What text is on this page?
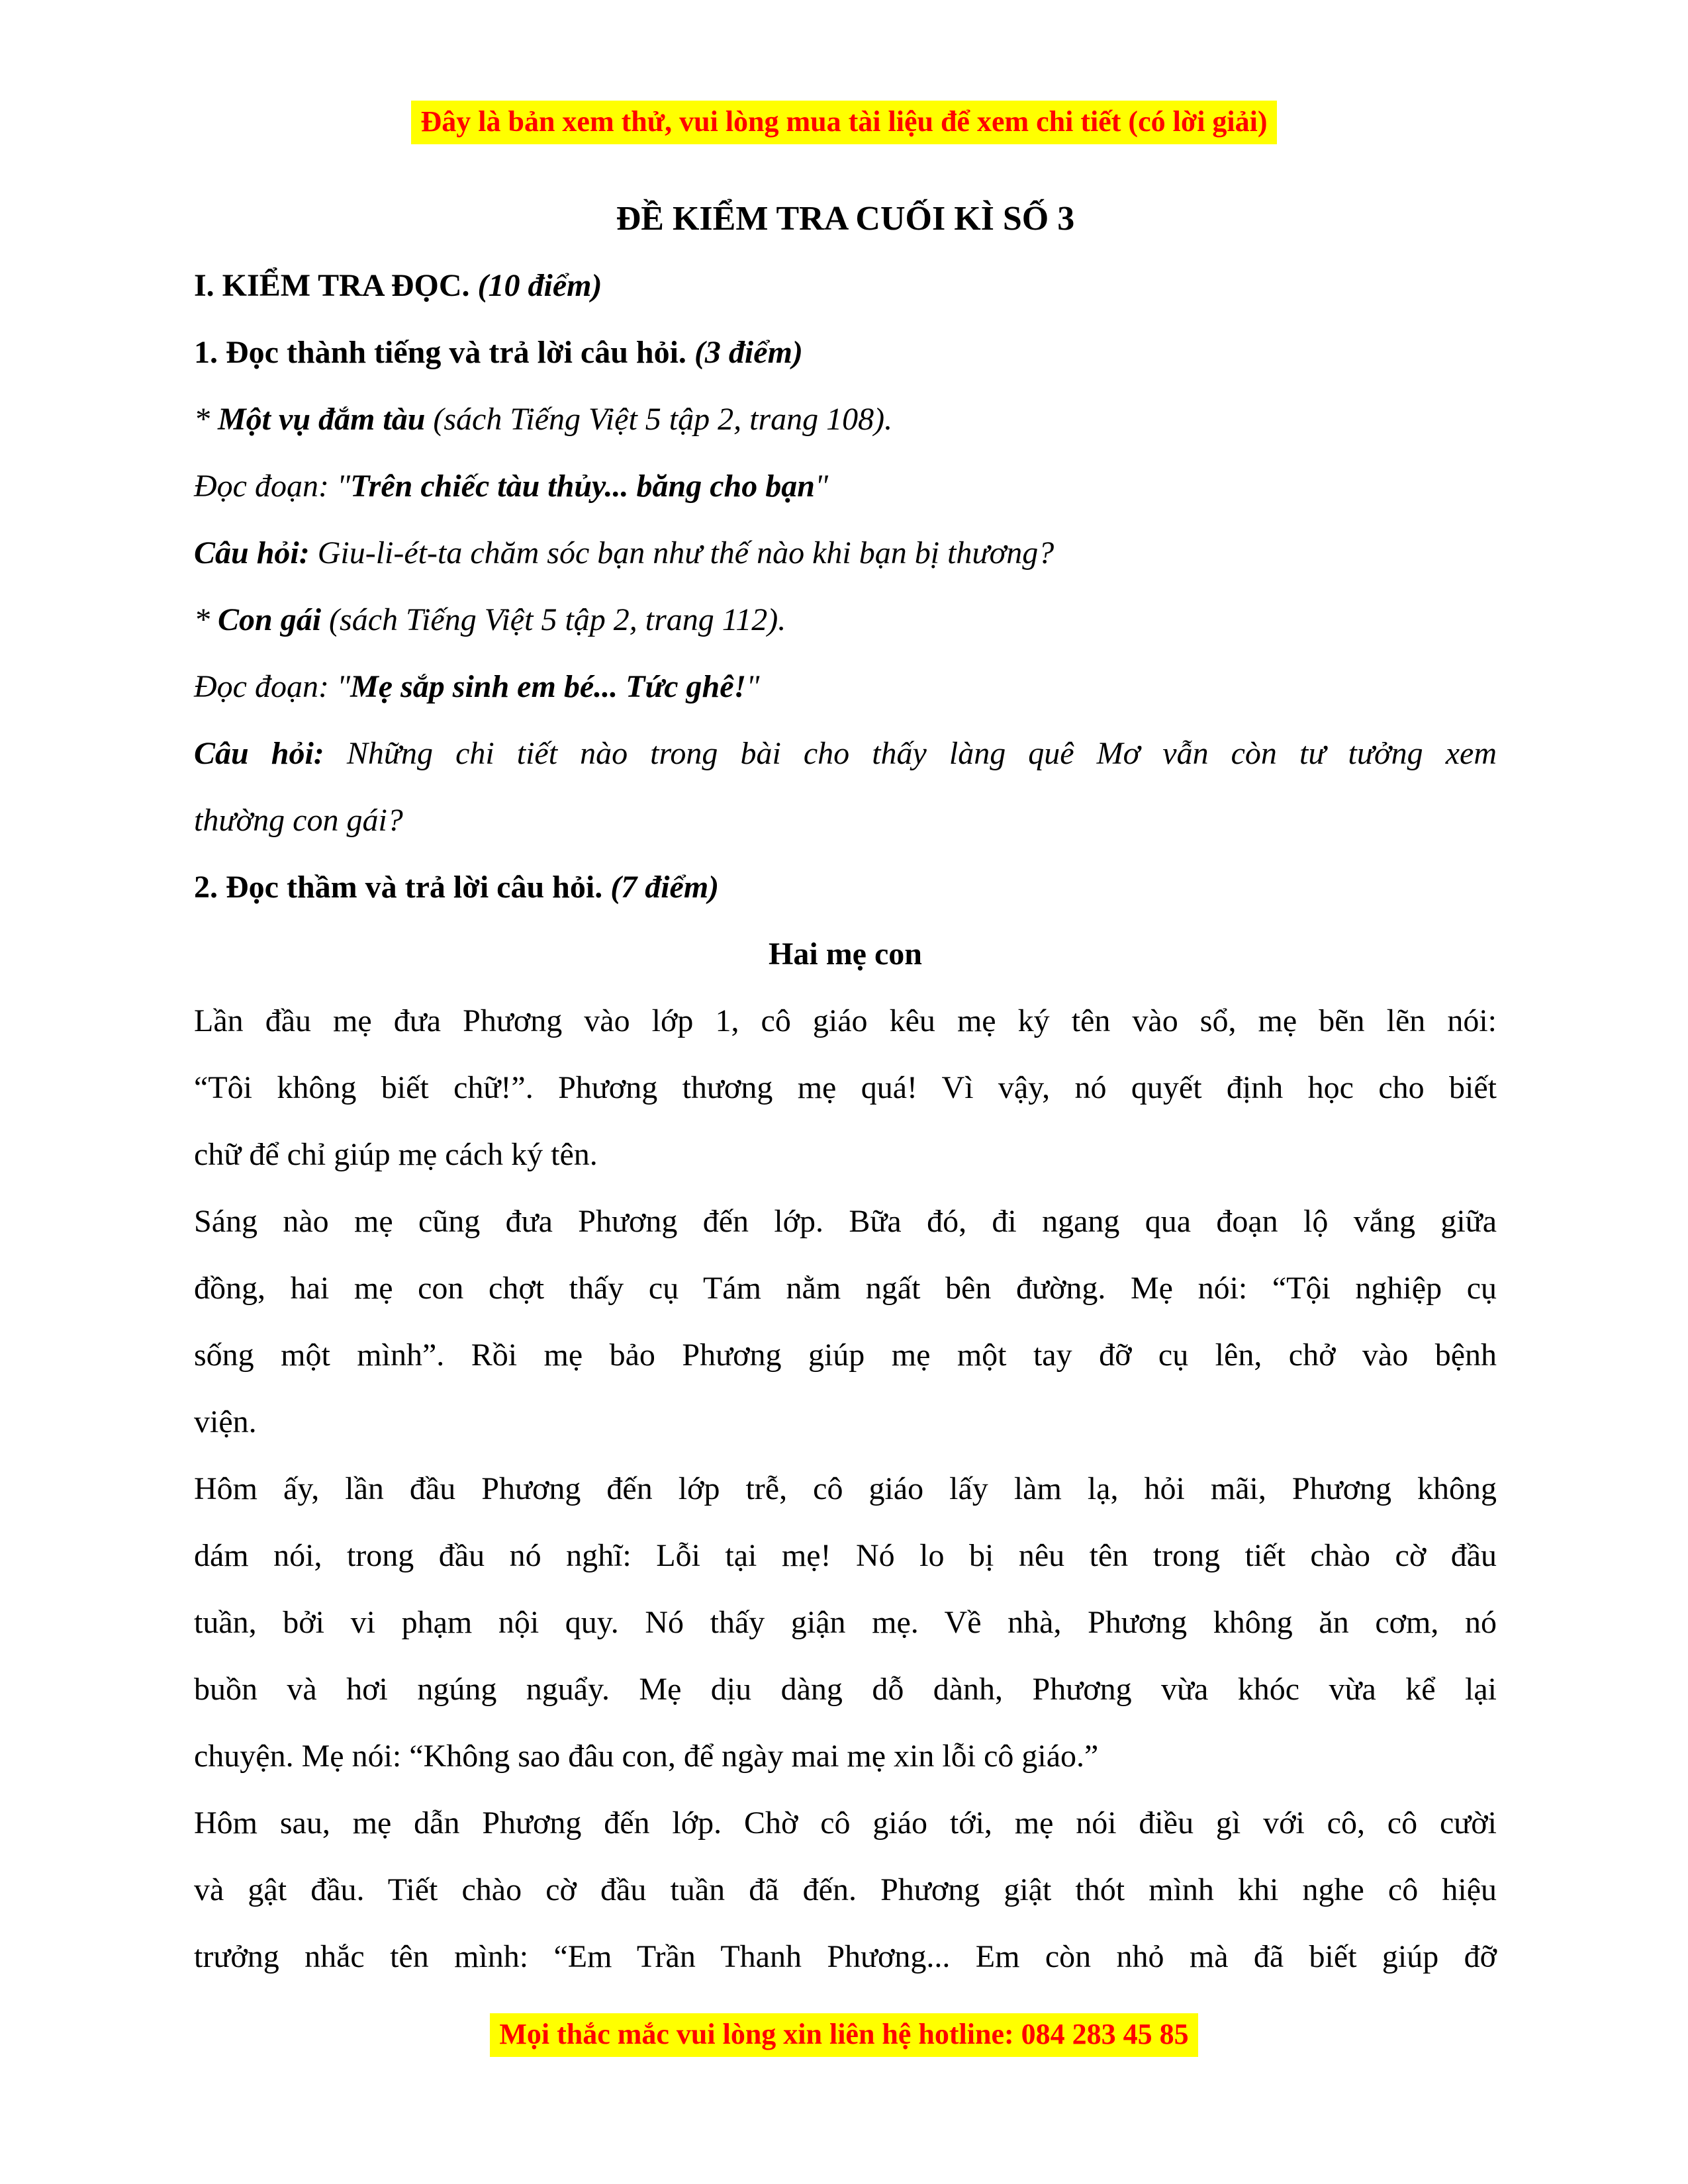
Đây là bản xem thử, vui lòng mua tài liệu để xem chi tiết (có lời giải)
ĐỀ KIỂM TRA CUỐI KÌ SỐ 3
I. KIỂM TRA ĐỌC. (10 điểm)
1. Đọc thành tiếng và trả lời câu hỏi. (3 điểm)
* Một vụ đắm tàu (sách Tiếng Việt 5 tập 2, trang 108).
Đọc đoạn: "Trên chiếc tàu thủy... băng cho bạn"
Câu hỏi: Giu-li-ét-ta chăm sóc bạn như thế nào khi bạn bị thương?
* Con gái (sách Tiếng Việt 5 tập 2, trang 112).
Đọc đoạn: "Mẹ sắp sinh em bé... Tức ghê!"
Câu hỏi: Những chi tiết nào trong bài cho thấy làng quê Mơ vẫn còn tư tưởng xem
thường con gái?
2. Đọc thầm và trả lời câu hỏi. (7 điểm)
Hai mẹ con
Lần đầu mẹ đưa Phương vào lớp 1, cô giáo kêu mẹ ký tên vào sổ, mẹ bẽn lẽn nói:
“Tôi không biết chữ!”. Phương thương mẹ quá! Vì vậy, nó quyết định học cho biết
chữ để chỉ giúp mẹ cách ký tên.
Sáng nào mẹ cũng đưa Phương đến lớp. Bữa đó, đi ngang qua đoạn lộ vắng giữa
đồng, hai mẹ con chợt thấy cụ Tám nằm ngất bên đường. Mẹ nói: “Tội nghiệp cụ
sống một mình”. Rồi mẹ bảo Phương giúp mẹ một tay đỡ cụ lên, chở vào bệnh
viện.
Hôm ấy, lần đầu Phương đến lớp trễ, cô giáo lấy làm lạ, hỏi mãi, Phương không
dám nói, trong đầu nó nghĩ: Lỗi tại mẹ! Nó lo bị nêu tên trong tiết chào cờ đầu
tuần, bởi vi phạm nội quy. Nó thấy giận mẹ. Về nhà, Phương không ăn cơm, nó
buồn và hơi ngúng nguẩy. Mẹ dịu dàng dỗ dành, Phương vừa khóc vừa kể lại
chuyện. Mẹ nói: “Không sao đâu con, để ngày mai mẹ xin lỗi cô giáo.”
Hôm sau, mẹ dẫn Phương đến lớp. Chờ cô giáo tới, mẹ nói điều gì với cô, cô cười
và gật đầu. Tiết chào cờ đầu tuần đã đến. Phương giật thót mình khi nghe cô hiệu
trưởng nhắc tên mình: “Em Trần Thanh Phương... Em còn nhỏ mà đã biết giúp đỡ
Mọi thắc mắc vui lòng xin liên hệ hotline: 084 283 45 85
